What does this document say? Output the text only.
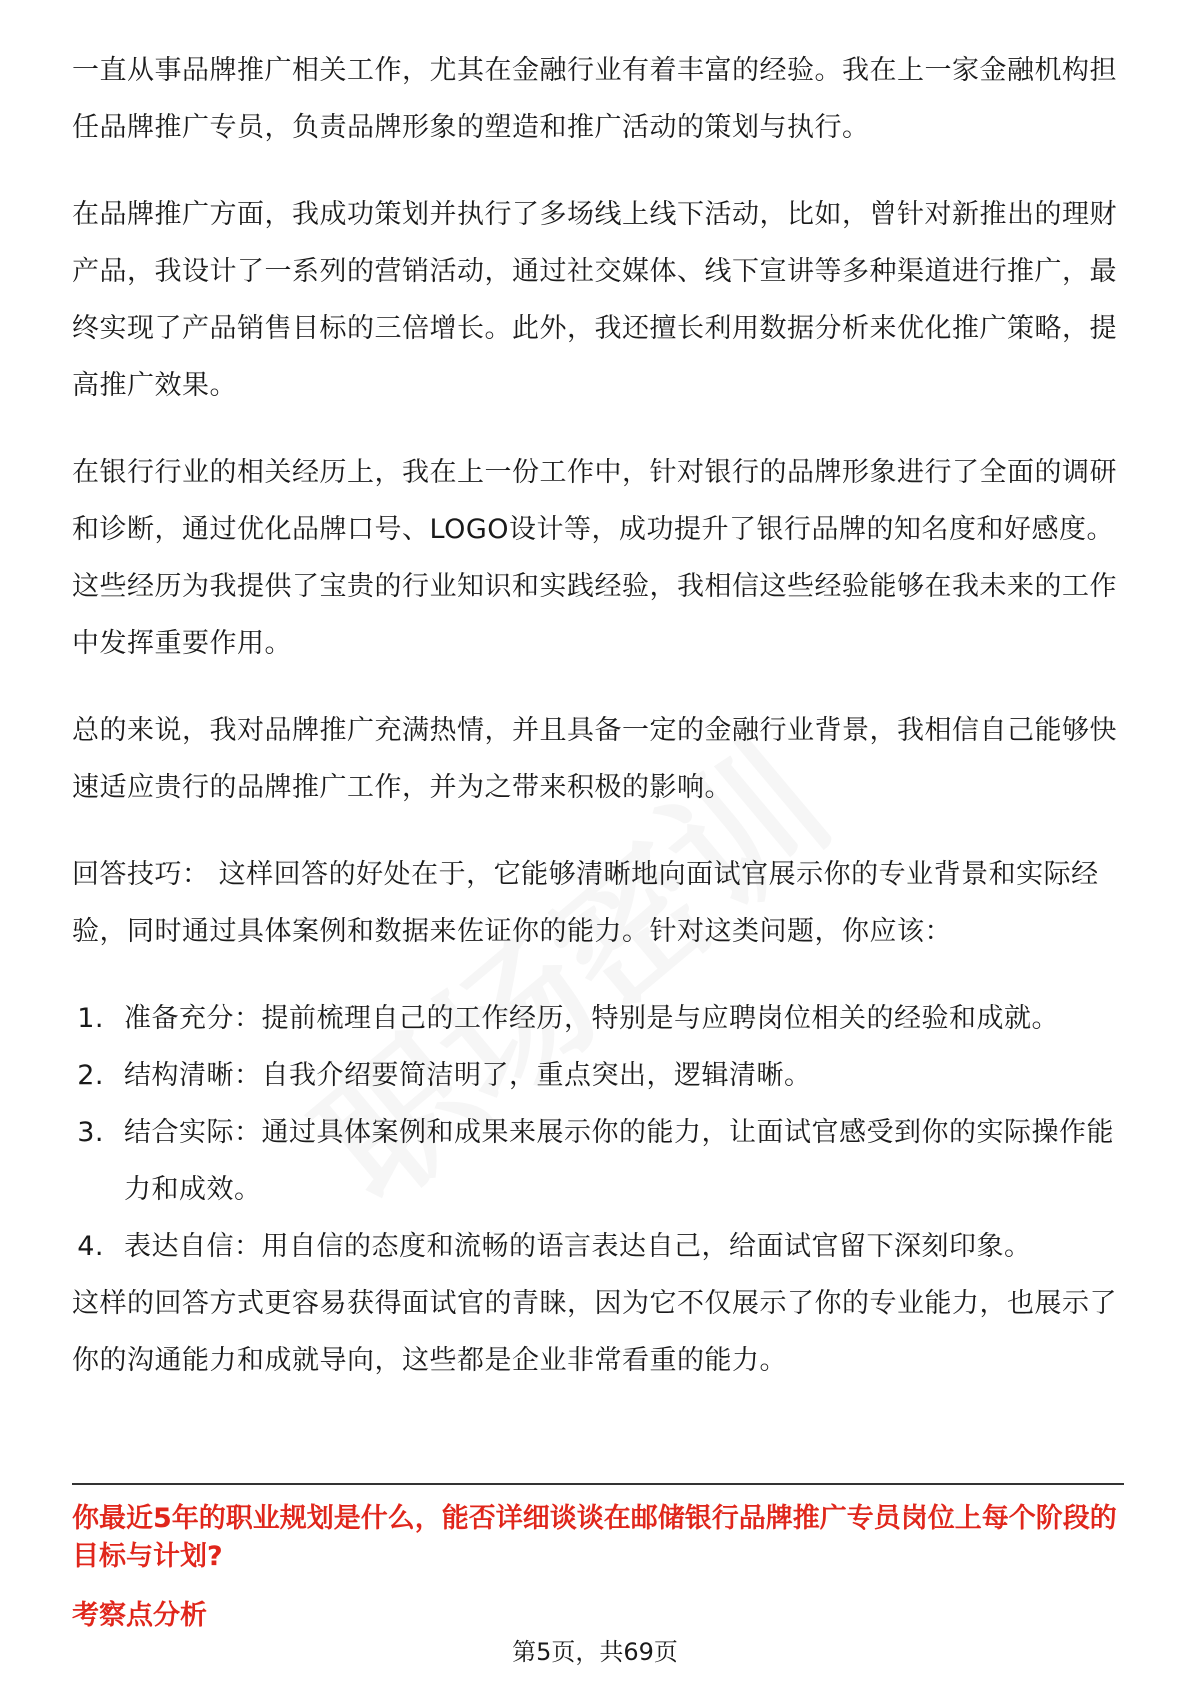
一直从事品牌推广相关工作，尤其在金融行业有着丰富的经验。我在上一家金融机构担任品牌推广专员，负责品牌形象的塑造和推广活动的策划与执行。

在品牌推广方面，我成功策划并执行了多场线上线下活动，比如，曾针对新推出的理财产品，我设计了一系列的营销活动，通过社交媒体、线下宣讲等多种渠道进行推广，最终实现了产品销售目标的三倍增长。此外，我还擅长利用数据分析来优化推广策略，提高推广效果。

在银行行业的相关经历上，我在上一份工作中，针对银行的品牌形象进行了全面的调研和诊断，通过优化品牌口号、LOGO设计等，成功提升了银行品牌的知名度和好感度。这些经历为我提供了宝贵的行业知识和实践经验，我相信这些经验能够在我未来的工作中发挥重要作用。

总的来说，我对品牌推广充满热情，并且具备一定的金融行业背景，我相信自己能够快速适应贵行的品牌推广工作，并为之带来积极的影响。

回答技巧： 这样回答的好处在于，它能够清晰地向面试官展示你的专业背景和实际经验，同时通过具体案例和数据来佐证你的能力。针对这类问题，你应该：

1. 准备充分：提前梳理自己的工作经历，特别是与应聘岗位相关的经验和成就。
2. 结构清晰：自我介绍要简洁明了，重点突出，逻辑清晰。
3. 结合实际：通过具体案例和成果来展示你的能力，让面试官感受到你的实际操作能力和成效。
4. 表达自信：用自信的态度和流畅的语言表达自己，给面试官留下深刻印象。

这样的回答方式更容易获得面试官的青睐，因为它不仅展示了你的专业能力，也展示了你的沟通能力和成就导向，这些都是企业非常看重的能力。

你最近5年的职业规划是什么，能否详细谈谈在邮储银行品牌推广专员岗位上每个阶段的目标与计划?

考察点分析

第5页，共69页
